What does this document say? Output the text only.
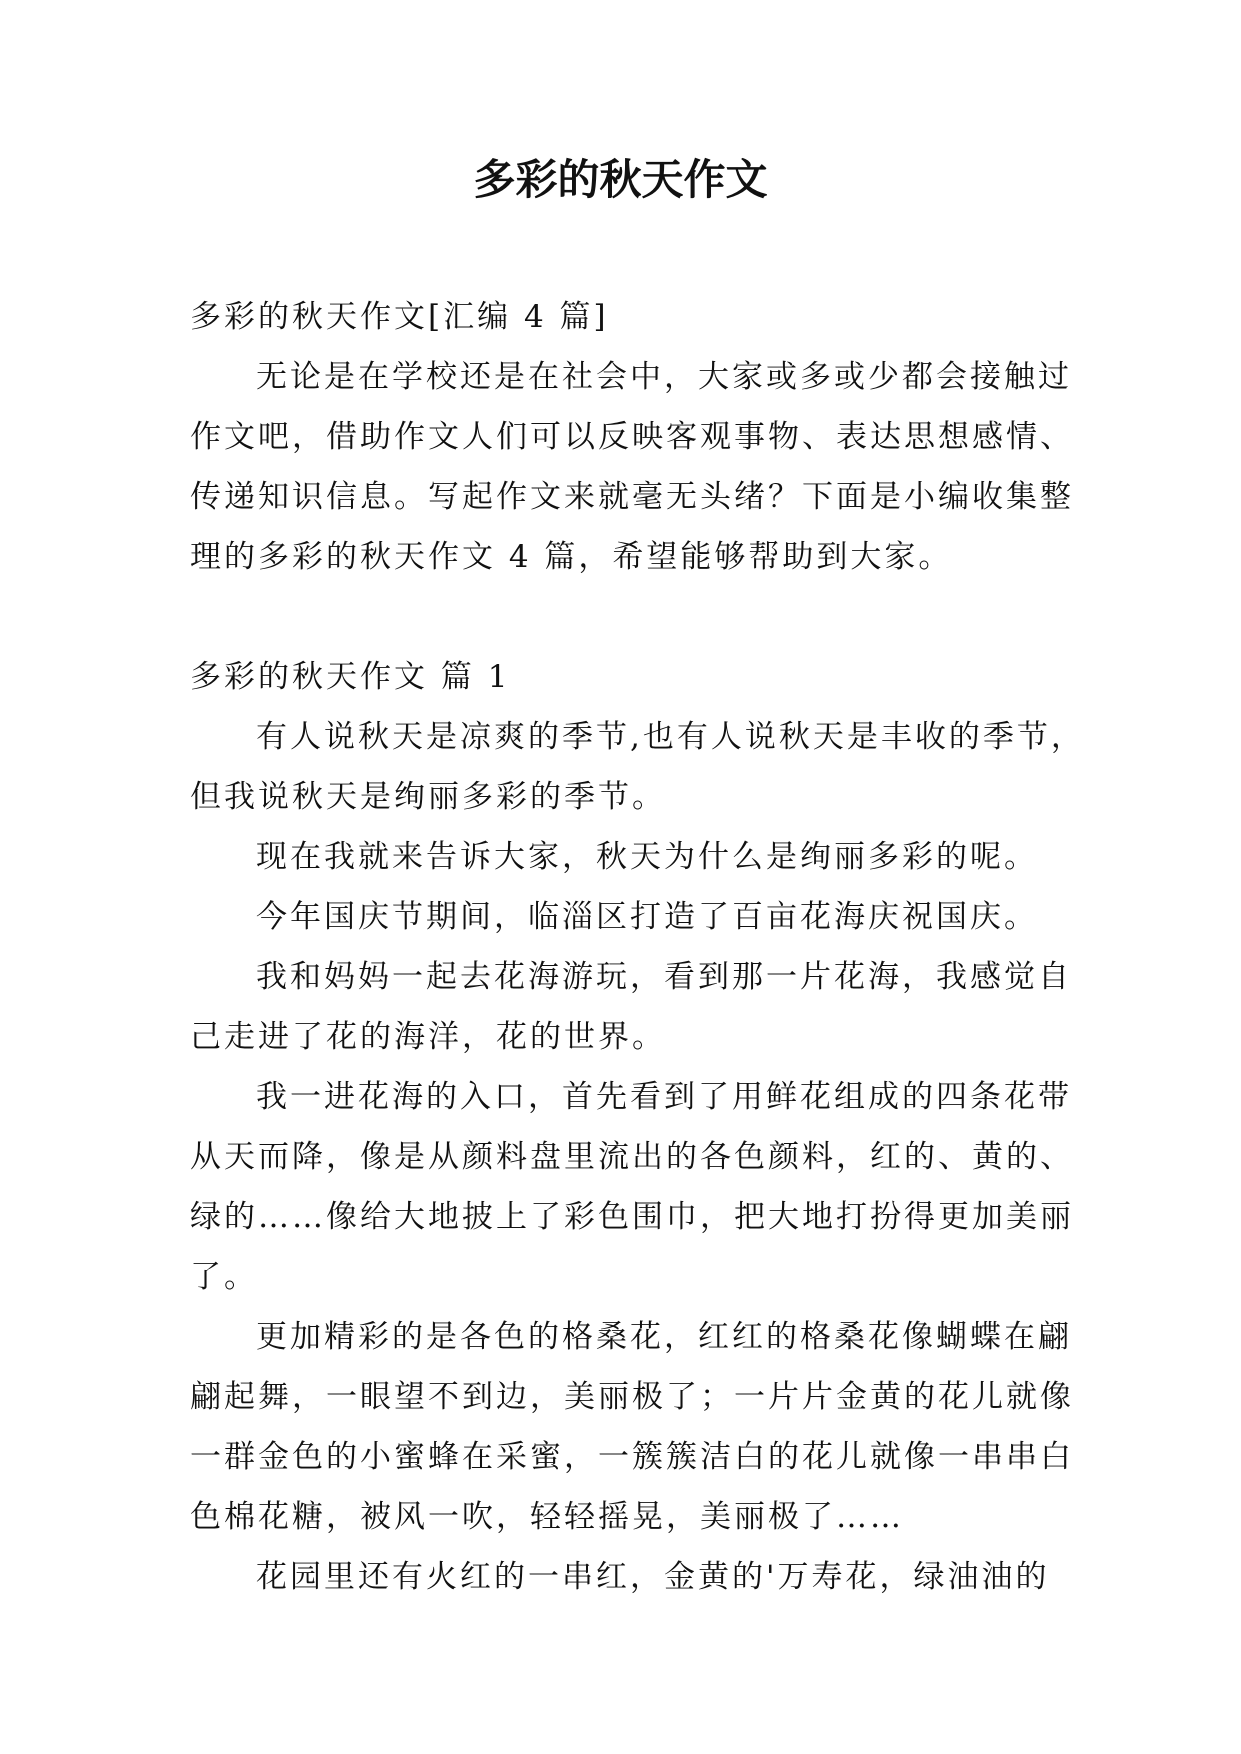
多彩的秋天作文
多彩的秋天作文[汇编 4 篇]
无论是在学校还是在社会中，大家或多或少都会接触过
作文吧，借助作文人们可以反映客观事物、表达思想感情、
传递知识信息。写起作文来就毫无头绪？下面是小编收集整
理的多彩的秋天作文 4 篇，希望能够帮助到大家。
多彩的秋天作文 篇 1
有人说秋天是凉爽的季节,也有人说秋天是丰收的季节，
但我说秋天是绚丽多彩的季节。
现在我就来告诉大家，秋天为什么是绚丽多彩的呢。
今年国庆节期间，临淄区打造了百亩花海庆祝国庆。
我和妈妈一起去花海游玩，看到那一片花海，我感觉自
己走进了花的海洋，花的世界。
我一进花海的入口，首先看到了用鲜花组成的四条花带
从天而降，像是从颜料盘里流出的各色颜料，红的、黄的、
绿的……像给大地披上了彩色围巾，把大地打扮得更加美丽
了。
更加精彩的是各色的格桑花，红红的格桑花像蝴蝶在翩
翩起舞，一眼望不到边，美丽极了；一片片金黄的花儿就像
一群金色的小蜜蜂在采蜜，一簇簇洁白的花儿就像一串串白
色棉花糖，被风一吹，轻轻摇晃，美丽极了……
花园里还有火红的一串红，金黄的'万寿花，绿油油的
